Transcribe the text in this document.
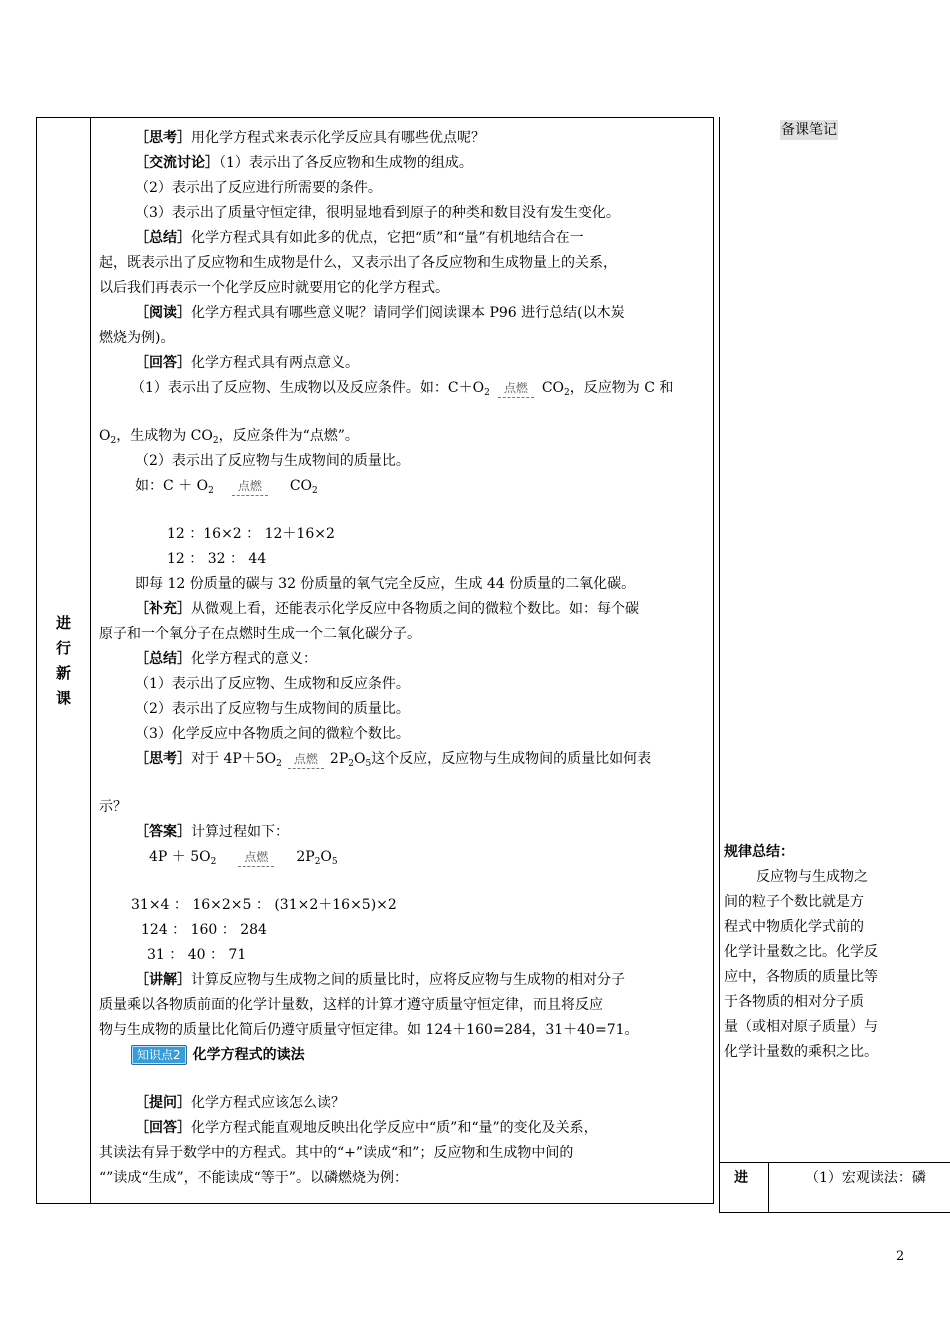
进
行
新
课
备课笔记

［思考］用化学方程式来表示化学反应具有哪些优点呢？

［交流讨论］（1）表示出了各反应物和生成物的组成。

（2）表示出了反应进行所需要的条件。

（3）表示出了质量守恒定律，很明显地看到原子的种类和数目没有发生变化。

［总结］化学方程式具有如此多的优点，它把“质”和“量”有机地结合在一

起，既表示出了反应物和生成物是什么，又表示出了各反应物和生成物量上的关系，

以后我们再表示一个化学反应时就要用它的化学方程式。

［阅读］化学方程式具有哪些意义呢？请同学们阅读课本 P96 进行总结(以木炭

燃烧为例)。

［回答］化学方程式具有两点意义。

（1）表示出了反应物、生成物以及反应条件。如：$C+O_2$ 点燃 $CO_2$，反应物为 C 和

$O_2$，生成物为 $CO_2$，反应条件为“点燃”。

（2）表示出了反应物与生成物间的质量比。

如：$C + O_2$ 点燃 $CO_2$

12 ：16×2 ： 12＋16×2

12 ： 32 ： 44

即每 12 份质量的碳与 32 份质量的氧气完全反应，生成 44 份质量的二氧化碳。

［补充］从微观上看，还能表示化学反应中各物质之间的微粒个数比。如：每个碳

原子和一个氧分子在点燃时生成一个二氧化碳分子。

［总结］化学方程式的意义：

（1）表示出了反应物、生成物和反应条件。

（2）表示出了反应物与生成物间的质量比。

（3）化学反应中各物质之间的微粒个数比。

［思考］对于 $4P+5O_2$ 点燃 $2P_2O_5$这个反应，反应物与生成物间的质量比如何表

示？

［答案］计算过程如下：

$4P + 5O_2$ 点燃 $2P_2O_5$

31×4 ： 16×2×5 ： (31×2＋16×5)×2

124 ： 160 ： 284

31 ： 40 ： 71

［讲解］计算反应物与生成物之间的质量比时，应将反应物与生成物的相对分子

质量乘以各物质前面的化学计量数，这样的计算才遵守质量守恒定律，而且将反应

物与生成物的质量比化简后仍遵守质量守恒定律。如 124＋160=284，31＋40=71。

知识点2 化学方程式的读法

［提问］化学方程式应该怎么读？

［回答］化学方程式能直观地反映出化学反应中“质”和“量”的变化及关系，

其读法有异于数学中的方程式。其中的“+”读成“和”；反应物和生成物中间的

“”读成“生成”，不能读成“等于”。以磷燃烧为例：

规律总结：
反应物与生成物之
间的粒子个数比就是方
程式中物质化学式前的
化学计量数之比。化学反
应中，各物质的质量比等
于各物质的相对分子质
量（或相对原子质量）与
化学计量数的乘积之比。
进	（1）宏观读法：磷
2
